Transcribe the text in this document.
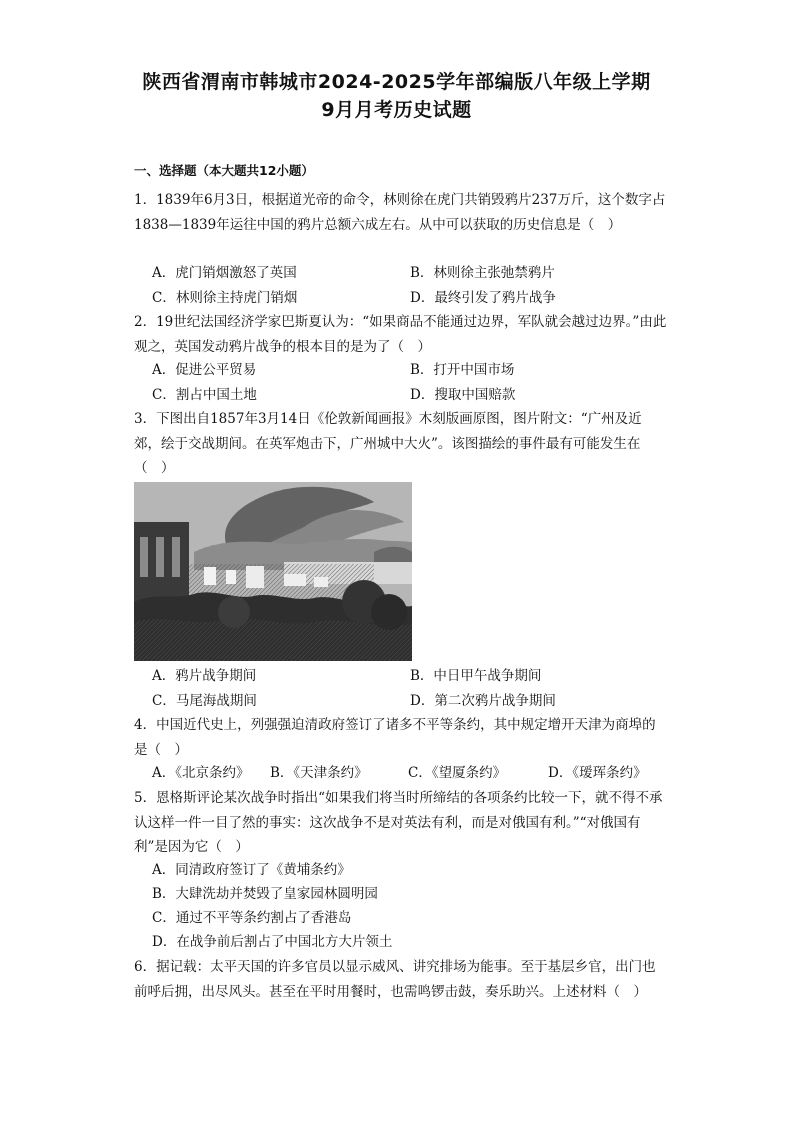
陕西省渭南市韩城市2024-2025学年部编版八年级上学期
9月月考历史试题
一、选择题（本大题共12小题）

1．1839年6月3日，根据道光帝的命令，林则徐在虎门共销毁鸦片237万斤，这个数字占1838—1839年运往中国的鸦片总额六成左右。从中可以获取的历史信息是（　）

A．虎门销烟激怒了英国	B．林则徐主张弛禁鸦片
C．林则徐主持虎门销烟	D．最终引发了鸦片战争

2．19世纪法国经济学家巴斯夏认为：“如果商品不能通过边界，军队就会越过边界。”由此观之，英国发动鸦片战争的根本目的是为了（　）

A．促进公平贸易	B．打开中国市场
C．割占中国土地	D．搜取中国赔款

3．下图出自1857年3月14日《伦敦新闻画报》木刻版画原图，图片附文：“广州及近郊，绘于交战期间。在英军炮击下，广州城中大火”。该图描绘的事件最有可能发生在（　）

A．鸦片战争期间	B．中日甲午战争期间
C．马尾海战期间	D．第二次鸦片战争期间

4．中国近代史上，列强强迫清政府签订了诸多不平等条约，其中规定增开天津为商埠的是（　）

A．《北京条约》 B．《天津条约》	C．《望厦条约》	D．《瑷珲条约》

5．恩格斯评论某次战争时指出“如果我们将当时所缔结的各项条约比较一下，就不得不承认这样一件一目了然的事实：这次战争不是对英法有利，而是对俄国有利。”“对俄国有利”是因为它（　）

A．同清政府签订了《黄埔条约》
B．大肆洗劫并焚毁了皇家园林圆明园
C．通过不平等条约割占了香港岛
D．在战争前后割占了中国北方大片领土

6．据记载：太平天国的许多官员以显示威风、讲究排场为能事。至于基层乡官，出门也前呼后拥，出尽风头。甚至在平时用餐时，也需鸣锣击鼓，奏乐助兴。上述材料（　）
